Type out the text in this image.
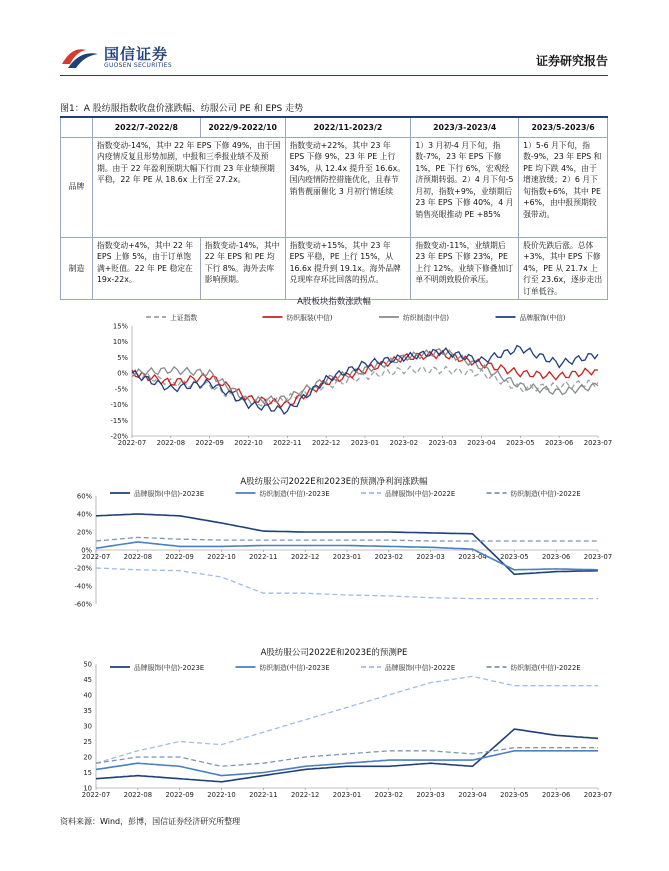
国信证券
GUOSEN SECURITIES	证券研究报告
图1：A 股纺服指数收盘价涨跌幅、纺服公司 PE 和 EPS 走势
	2022/7-2022/8	2022/9-2022/10	2022/11-2023/2	2023/3-2023/4	2023/5-2023/6
品牌	指数变动-14%，其中 22 年 EPS 下修 49%，由于国内疫情反复且形势加剧，中报和三季报业绩不及预期。由于 22 年盈利预期大幅下行而 23 年业绩预期平稳，22 年 PE 从 18.6x 上行至 27.2x。		指数变动+22%，其中 23 年 EPS 下修 9%，23 年 PE 上行 34%，从 12.4x 提升至 16.6x。国内疫情防控措施优化，且春节销售靓丽催化 3 月初行情延续	1）3 月初-4 月下旬，指数-7%，23 年 EPS 下修 1%，PE 下行 6%，宏观经济预期转弱。2）4 月下旬-5 月初，指数+9%，业绩期后 23 年 EPS 下修 40%，4 月销售亮眼推动 PE +85%	1）5-6 月下旬，指数-9%，23 年 EPS 和 PE 均下跌 4%，由于增速放缓；2）6 月下旬指数+6%，其中 PE +6%，由中报预期较强带动。
制造	指数变动+4%，其中 22 年 EPS 上修 5%，由于订单饱满+贬值。22 年 PE 稳定在 19x-22x。	指数变动-14%，其中 22 年 EPS 和 PE 均下行 8%。海外去库影响预期。	指数变动+15%，其中 23 年 EPS 平稳，PE 上行 15%，从 16.6x 提升到 19.1x。海外品牌兑现库存环比回落的拐点。	指数变动-11%，业绩期后 23 年 EPS 下修 23%，PE 上行 12%。业绩下修叠加订单不明朗致股价承压。	股价先跌后涨。总体+3%，其中 EPS 下修 4%，PE 从 21.7x 上行至 23.6x，逐步走出订单低谷。
A股板块指数涨跌幅
上证指数	纺织服装(中信)	纺织制造(中信)	品牌服饰(中信)
15%
10%
5%
0%
-5%
-10%
-15%
-20%
2022-07 2022-08 2022-09 2022-10 2022-11 2022-12 2023-01 2023-02 2023-03 2023-04 2023-05 2023-06 2023-07
A股纺服公司2022E和2023E的预测净利润涨跌幅
品牌服饰(中信)-2023E	纺织制造(中信)-2023E	品牌服饰(中信)-2022E	纺织制造(中信)-2022E
60%
40%
20%
0%
-20%
-40%
-60%
2022-07 2022-08 2022-09 2022-10 2022-11 2022-12 2023-01 2023-02 2023-03 2023-04 2023-05 2023-06 2023-07
A股纺服公司2022E和2023E的预测PE
品牌服饰(中信)-2023E	纺织制造(中信)-2023E	品牌服饰(中信)-2022E	纺织制造(中信)-2022E
50
45
40
35
30
25
20
15
10
2022-07 2022-08 2022-09 2022-10 2022-11 2022-12 2023-01 2023-02 2023-03 2023-04 2023-05 2023-06 2023-07
资料来源：Wind，彭博，国信证券经济研究所整理
